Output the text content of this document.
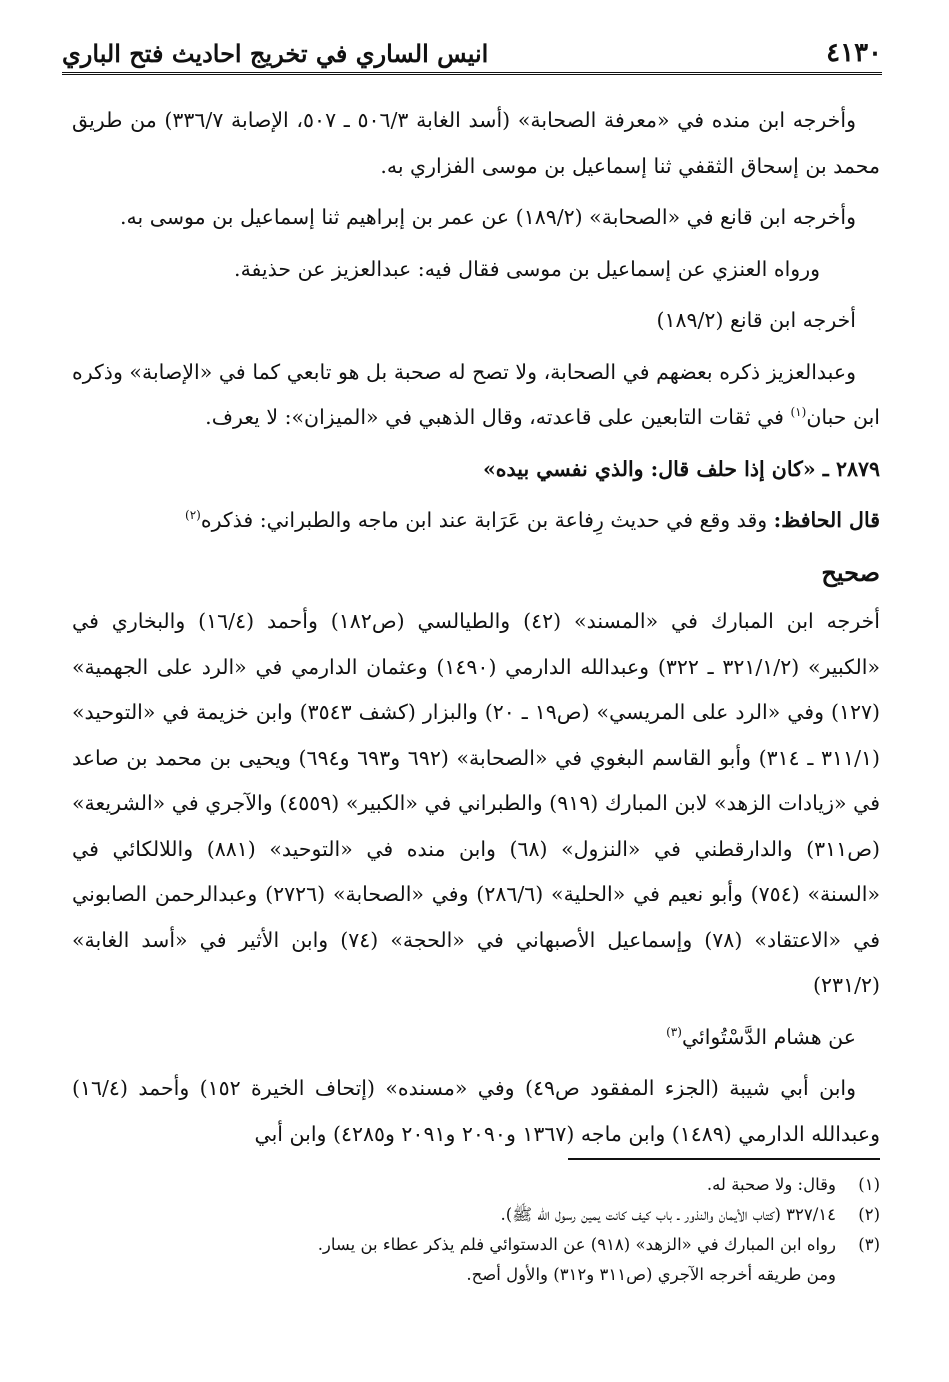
٤١٣٠
انيس الساري في تخريج احاديث فتح الباري

وأخرجه ابن منده في «معرفة الصحابة» (أسد الغابة ٥٠٦/٣ ـ ٥٠٧، الإصابة ٣٣٦/٧) من طريق محمد بن إسحاق الثقفي ثنا إسماعيل بن موسى الفزاري به.

وأخرجه ابن قانع في «الصحابة» (١٨٩/٢) عن عمر بن إبراهيم ثنا إسماعيل بن موسى به.

ورواه العنزي عن إسماعيل بن موسى فقال فيه: عبدالعزيز عن حذيفة.

أخرجه ابن قانع (١٨٩/٢)

وعبدالعزيز ذكره بعضهم في الصحابة، ولا تصح له صحبة بل هو تابعي كما في «الإصابة» وذكره ابن حبان$^{(١)}$ في ثقات التابعين على قاعدته، وقال الذهبي في «الميزان»: لا يعرف.

٢٨٧٩ ـ «كان إذا حلف قال: والذي نفسي بيده»

قال الحافظ: وقد وقع في حديث رِفاعة بن عَرَابة عند ابن ماجه والطبراني: فذكره$^{(٢)}$

صحيح

أخرجه ابن المبارك في «المسند» (٤٢) والطيالسي (ص١٨٢) وأحمد (١٦/٤) والبخاري في «الكبير» (٣٢١/١/٢ ـ ٣٢٢) وعبدالله الدارمي (١٤٩٠) وعثمان الدارمي في «الرد على الجهمية» (١٢٧) وفي «الرد على المريسي» (ص١٩ ـ ٢٠) والبزار (كشف ٣٥٤٣) وابن خزيمة في «التوحيد» (٣١١/١ ـ ٣١٤) وأبو القاسم البغوي في «الصحابة» (٦٩٢ و٦٩٣ و٦٩٤) ويحيى بن محمد بن صاعد في «زيادات الزهد» لابن المبارك (٩١٩) والطبراني في «الكبير» (٤٥٥٩) والآجري في «الشريعة» (ص٣١١) والدارقطني في «النزول» (٦٨) وابن منده في «التوحيد» (٨٨١) واللالكائي في «السنة» (٧٥٤) وأبو نعيم في «الحلية» (٢٨٦/٦) وفي «الصحابة» (٢٧٢٦) وعبدالرحمن الصابوني في «الاعتقاد» (٧٨) وإسماعيل الأصبهاني في «الحجة» (٧٤) وابن الأثير في «أسد الغابة» (٢٣١/٢)

عن هشام الدَّسْتُوائي$^{(٣)}$

وابن أبي شيبة (الجزء المفقود ص٤٩) وفي «مسنده» (إتحاف الخيرة ١٥٢) وأحمد (١٦/٤) وعبدالله الدارمي (١٤٨٩) وابن ماجه (١٣٦٧ و٢٠٩٠ و٢٠٩١ و٤٢٨٥) وابن أبي

(١)
وقال: ولا صحبة له.
(٢)
٣٢٧/١٤ (كتاب الأيمان والنذور ـ باب كيف كانت يمين رسول الله ﷺ).
(٣)
رواه ابن المبارك في «الزهد» (٩١٨) عن الدستوائي فلم يذكر عطاء بن يسار.
ومن طريقه أخرجه الآجري (ص٣١١ و٣١٢) والأول أصح.
